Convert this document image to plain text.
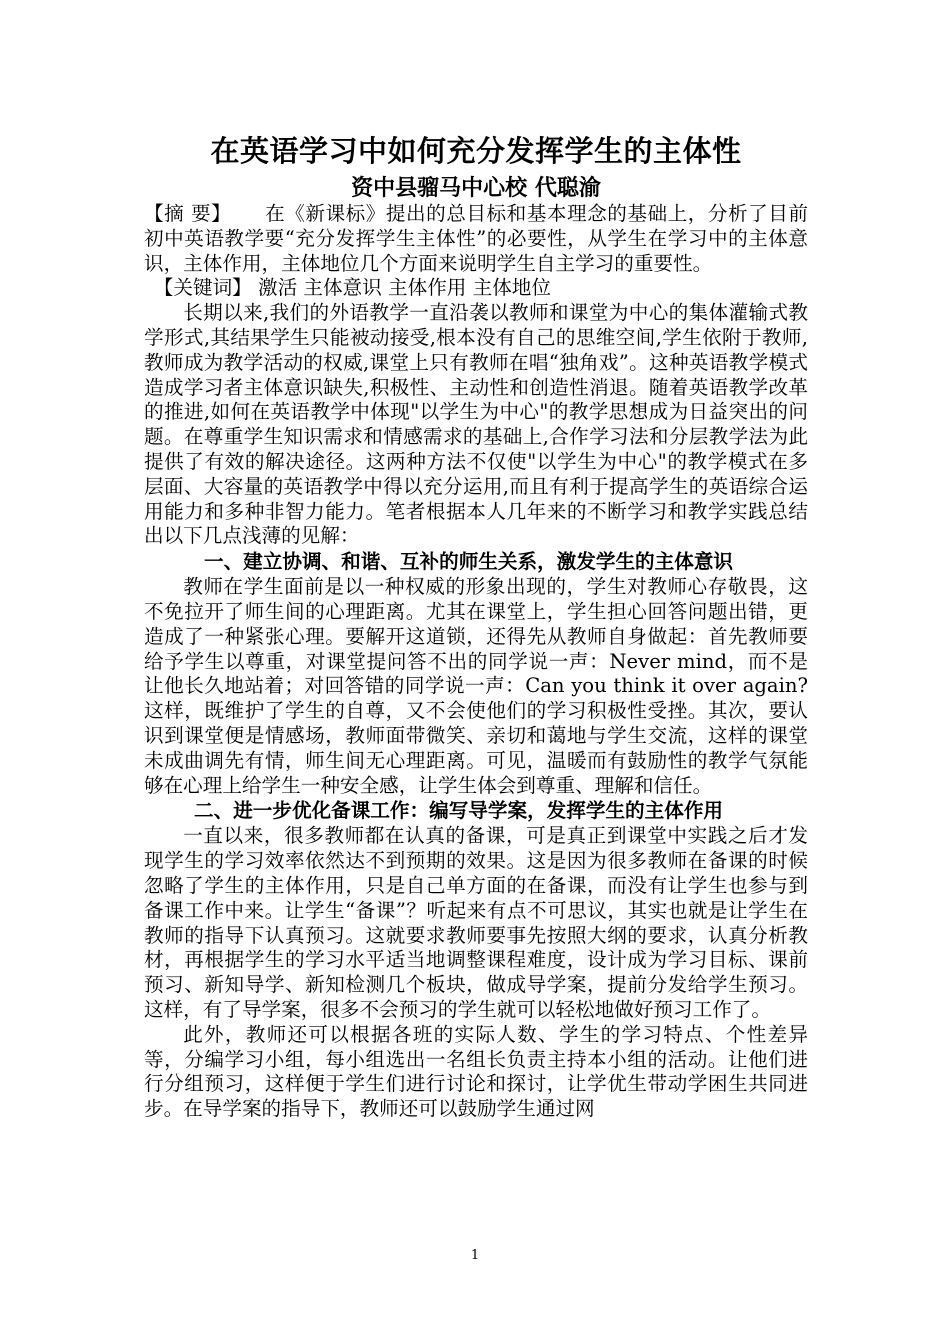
在英语学习中如何充分发挥学生的主体性
资中县骝马中心校 代聪渝

【摘 要】 在《新课标》提出的总目标和基本理念的基础上，分析了目前初中英语教学要“充分发挥学生主体性”的必要性，从学生在学习中的主体意识，主体作用，主体地位几个方面来说明学生自主学习的重要性。

【关键词】 激活 主体意识 主体作用 主体地位

长期以来,我们的外语教学一直沿袭以教师和课堂为中心的集体灌输式教学形式,其结果学生只能被动接受,根本没有自己的思维空间,学生依附于教师,教师成为教学活动的权威,课堂上只有教师在唱“独角戏”。这种英语教学模式造成学习者主体意识缺失,积极性、主动性和创造性消退。随着英语教学改革的推进,如何在英语教学中体现"以学生为中心"的教学思想成为日益突出的问题。在尊重学生知识需求和情感需求的基础上,合作学习法和分层教学法为此提供了有效的解决途径。这两种方法不仅使"以学生为中心"的教学模式在多层面、大容量的英语教学中得以充分运用,而且有利于提高学生的英语综合运用能力和多种非智力能力。笔者根据本人几年来的不断学习和教学实践总结出以下几点浅薄的见解：

一、建立协调、和谐、互补的师生关系，激发学生的主体意识

教师在学生面前是以一种权威的形象出现的，学生对教师心存敬畏，这不免拉开了师生间的心理距离。尤其在课堂上，学生担心回答问题出错，更造成了一种紧张心理。要解开这道锁，还得先从教师自身做起：首先教师要给予学生以尊重，对课堂提问答不出的同学说一声：Never mind，而不是让他长久地站着；对回答错的同学说一声：Can you think it over again?这样，既维护了学生的自尊，又不会使他们的学习积极性受挫。其次，要认识到课堂便是情感场，教师面带微笑、亲切和蔼地与学生交流，这样的课堂未成曲调先有情，师生间无心理距离。可见，温暖而有鼓励性的教学气氛能够在心理上给学生一种安全感，让学生体会到尊重、理解和信任。

二、进一步优化备课工作：编写导学案，发挥学生的主体作用

一直以来，很多教师都在认真的备课，可是真正到课堂中实践之后才发现学生的学习效率依然达不到预期的效果。这是因为很多教师在备课的时候忽略了学生的主体作用，只是自己单方面的在备课，而没有让学生也参与到备课工作中来。让学生“备课”？听起来有点不可思议，其实也就是让学生在教师的指导下认真预习。这就要求教师要事先按照大纲的要求，认真分析教材，再根据学生的学习水平适当地调整课程难度，设计成为学习目标、课前预习、新知导学、新知检测几个板块，做成导学案，提前分发给学生预习。这样，有了导学案，很多不会预习的学生就可以轻松地做好预习工作了。

此外，教师还可以根据各班的实际人数、学生的学习特点、个性差异等，分编学习小组，每小组选出一名组长负责主持本小组的活动。让他们进行分组预习，这样便于学生们进行讨论和探讨，让学优生带动学困生共同进步。在导学案的指导下，教师还可以鼓励学生通过网

1
